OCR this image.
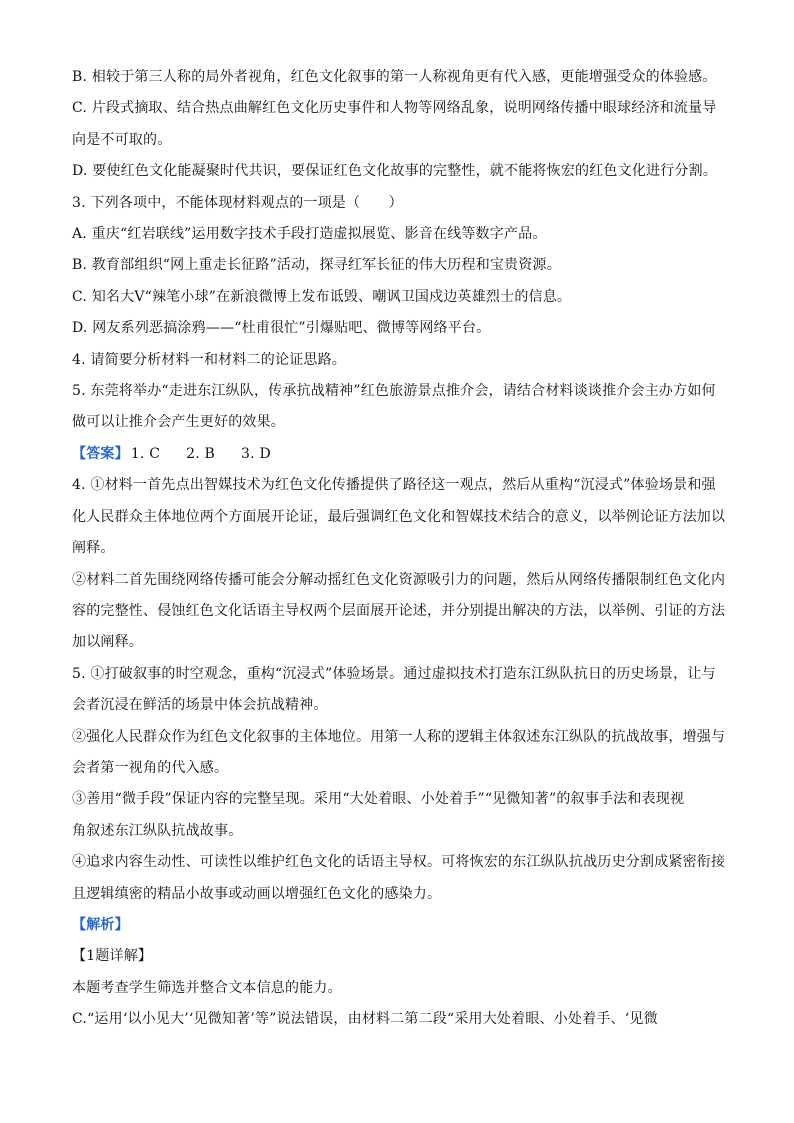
B. 相较于第三人称的局外者视角，红色文化叙事的第一人称视角更有代入感，更能增强受众的体验感。
C. 片段式摘取、结合热点曲解红色文化历史事件和人物等网络乱象，说明网络传播中眼球经济和流量导
向是不可取的。
D. 要使红色文化能凝聚时代共识，要保证红色文化故事的完整性，就不能将恢宏的红色文化进行分割。
3. 下列各项中，不能体现材料观点的一项是（　　）
A. 重庆“红岩联线”运用数字技术手段打造虚拟展览、影音在线等数字产品。
B. 教育部组织“网上重走长征路”活动，探寻红军长征的伟大历程和宝贵资源。
C. 知名大V“辣笔小球”在新浪微博上发布诋毁、嘲讽卫国戍边英雄烈士的信息。
D. 网友系列恶搞涂鸦——“杜甫很忙”引爆贴吧、微博等网络平台。
4. 请简要分析材料一和材料二的论证思路。
5. 东莞将举办“走进东江纵队，传承抗战精神”红色旅游景点推介会，请结合材料谈谈推介会主办方如何
做可以让推介会产生更好的效果。
【答案】 1. C 2. B 3. D
4. ①材料一首先点出智媒技术为红色文化传播提供了路径这一观点，然后从重构“沉浸式”体验场景和强
化人民群众主体地位两个方面展开论证，最后强调红色文化和智媒技术结合的意义，以举例论证方法加以
阐释。
②材料二首先围绕网络传播可能会分解动摇红色文化资源吸引力的问题，然后从网络传播限制红色文化内
容的完整性、侵蚀红色文化话语主导权两个层面展开论述，并分别提出解决的方法，以举例、引证的方法
加以阐释。
5. ①打破叙事的时空观念，重构“沉浸式”体验场景。通过虚拟技术打造东江纵队抗日的历史场景，让与
会者沉浸在鲜活的场景中体会抗战精神。
②强化人民群众作为红色文化叙事的主体地位。用第一人称的逻辑主体叙述东江纵队的抗战故事，增强与
会者第一视角的代入感。
③善用“微手段”保证内容的完整呈现。采用“大处着眼、小处着手”“见微知著”的叙事手法和表现视
角叙述东江纵队抗战故事。
④追求内容生动性、可读性以维护红色文化的话语主导权。可将恢宏的东江纵队抗战历史分割成紧密衔接
且逻辑缜密的精品小故事或动画以增强红色文化的感染力。
【解析】
【1题详解】
本题考查学生筛选并整合文本信息的能力。
C.“运用‘以小见大’‘见微知著’等”说法错误，由材料二第二段“采用大处着眼、小处着手、‘见微
